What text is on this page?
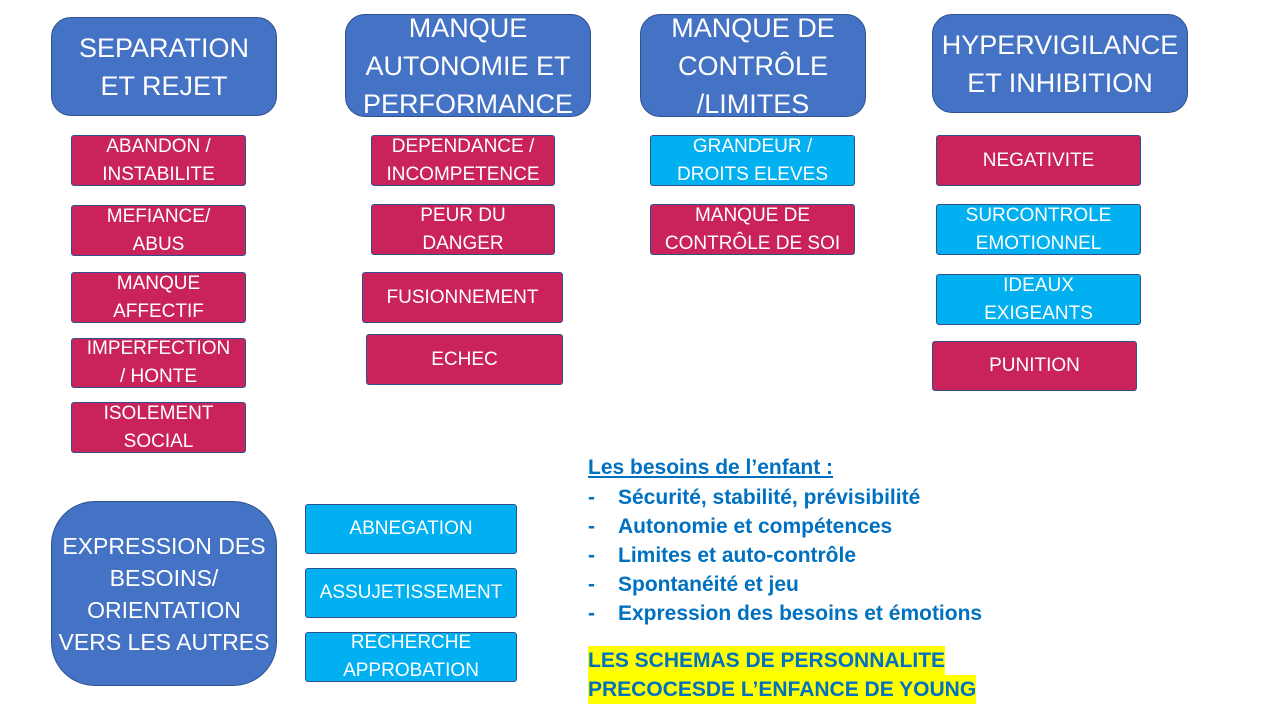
SEPARATION
ET REJET
MANQUE
AUTONOMIE ET
PERFORMANCE
MANQUE DE
CONTRÔLE
/LIMITES
HYPERVIGILANCE
ET INHIBITION
EXPRESSION DES
BESOINS/
ORIENTATION
VERS LES AUTRES
ABANDON /
INSTABILITE
MEFIANCE/
ABUS
MANQUE
AFFECTIF
IMPERFECTION
/ HONTE
ISOLEMENT
SOCIAL
DEPENDANCE /
INCOMPETENCE
PEUR DU
DANGER
FUSIONNEMENT
ECHEC
GRANDEUR /
DROITS ELEVES
MANQUE DE
CONTRÔLE DE SOI
NEGATIVITE
SURCONTROLE
EMOTIONNEL
IDEAUX
EXIGEANTS
PUNITION
ABNEGATION
ASSUJETISSEMENT
RECHERCHE
APPROBATION
Les besoins de l’enfant :
-	Sécurité, stabilité, prévisibilité
-	Autonomie et compétences
-	Limites et auto-contrôle
-	Spontanéité et jeu
-	Expression des besoins et émotions
LES SCHEMAS DE PERSONNALITE
PRECOCESDE L’ENFANCE DE YOUNG
